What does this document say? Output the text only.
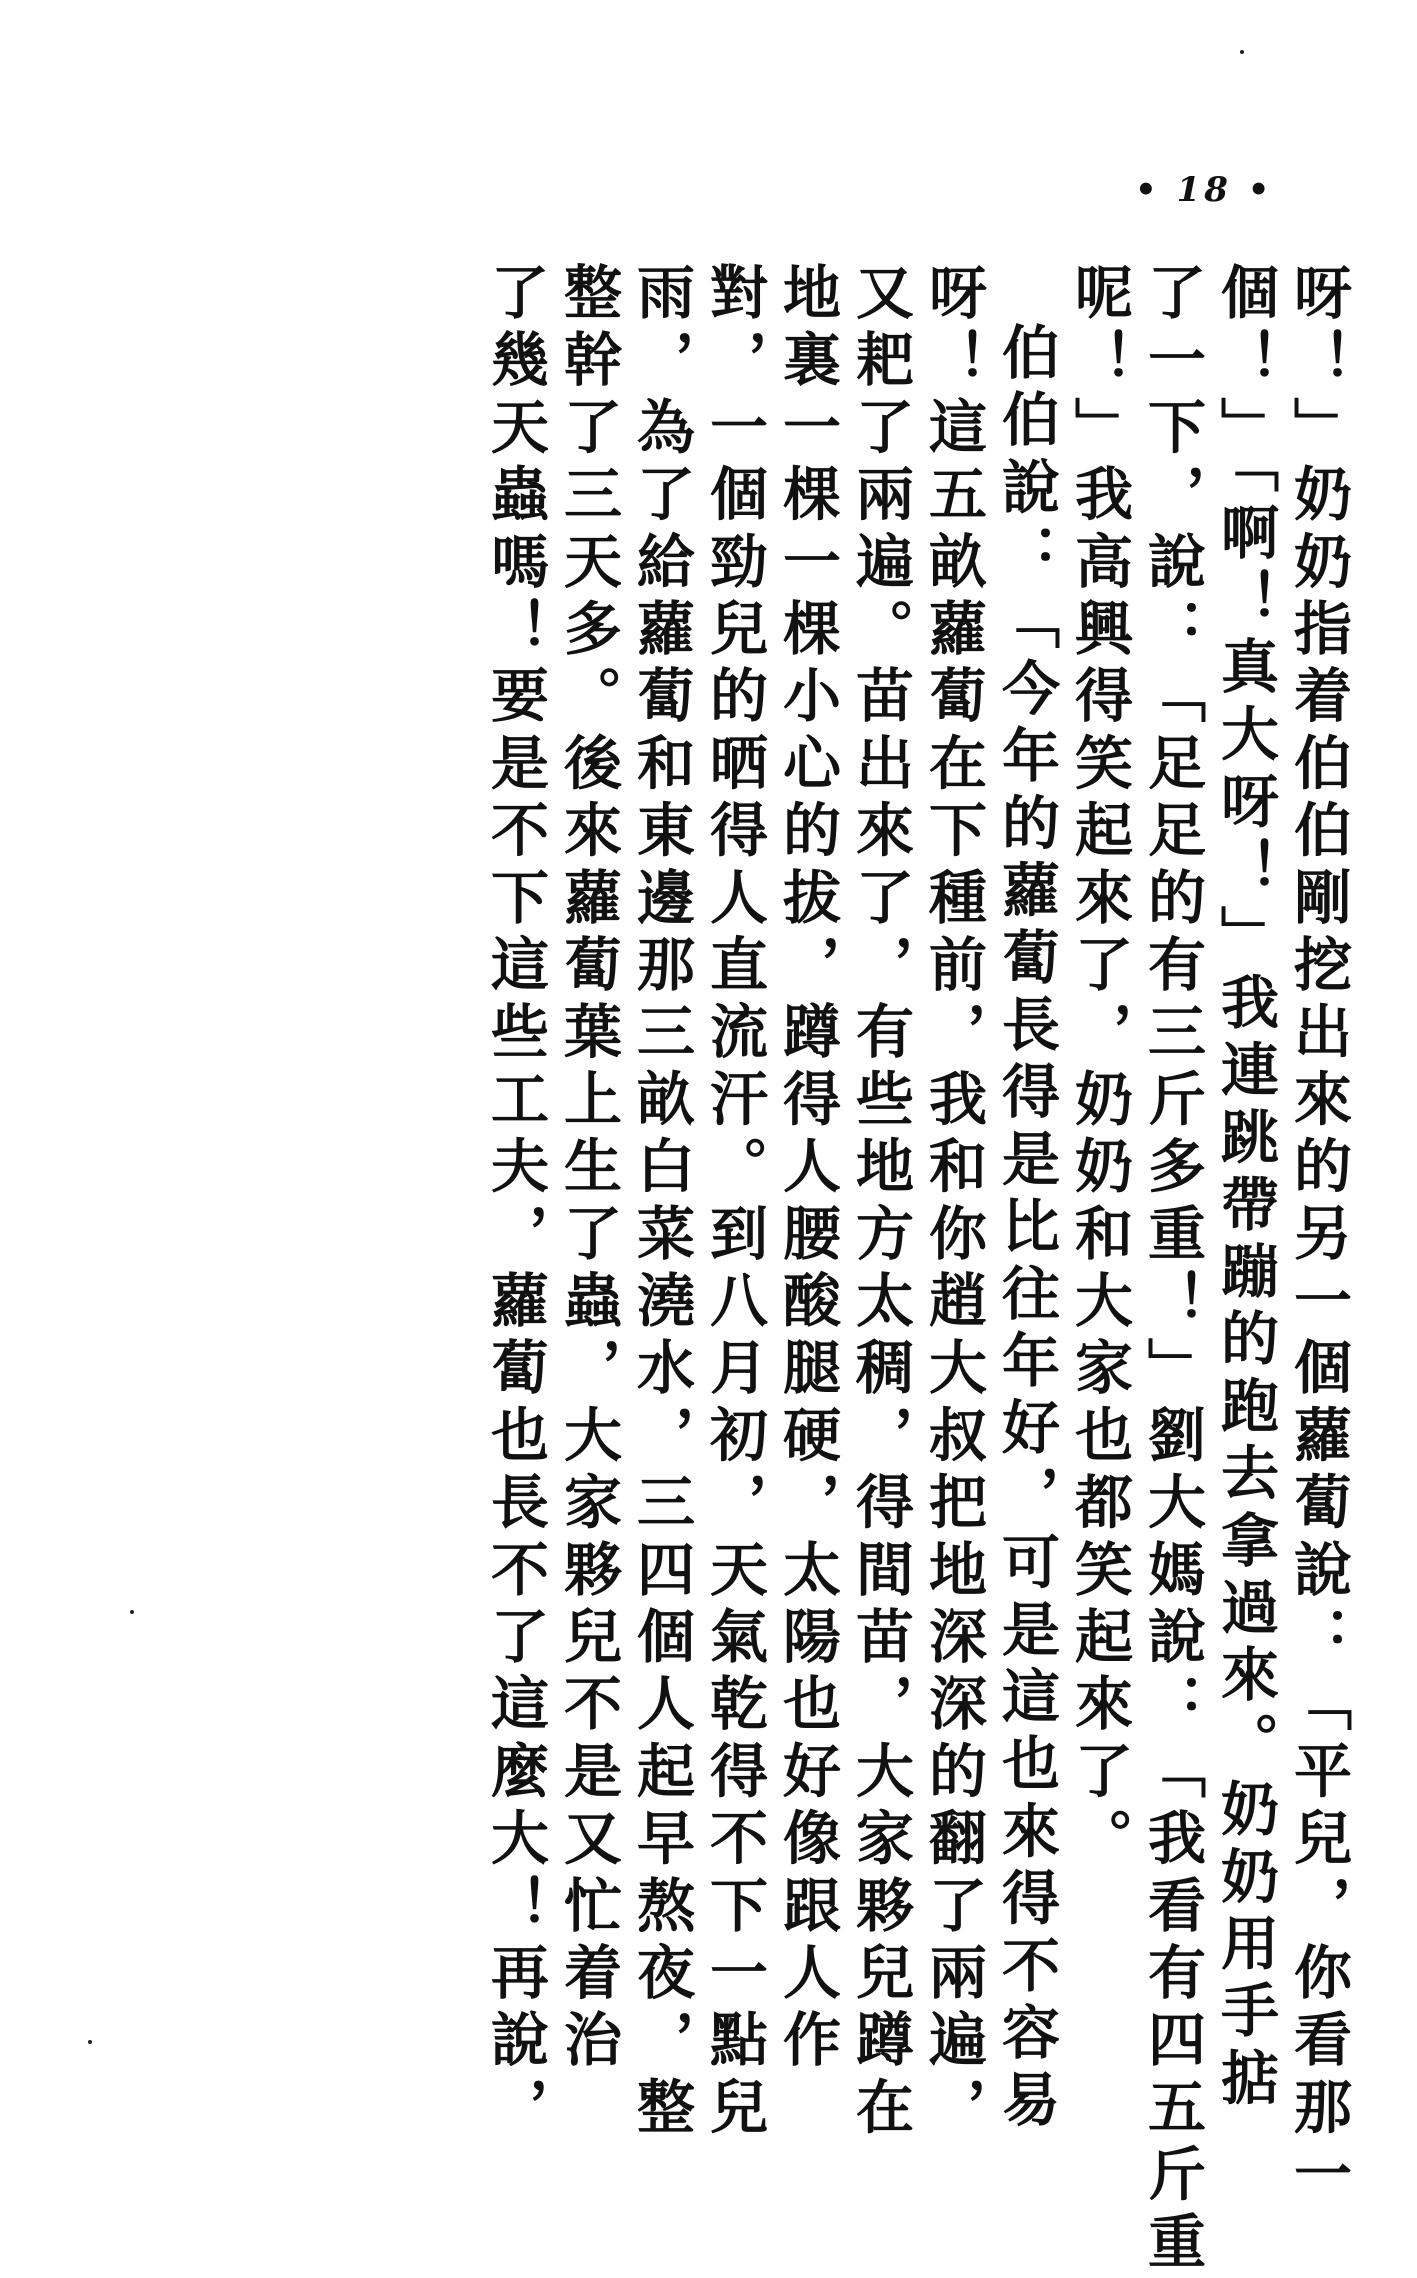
• 18 •
呀！」奶奶指着伯伯剛挖出來的另一個蘿蔔說：「平兒，你看那一
個！」「啊！真大呀！」我連跳帶蹦的跑去拿過來。奶奶用手掂
了一下，說：「足足的有三斤多重！」劉大媽說：「我看有四五斤重
呢！」我高興得笑起來了，奶奶和大家也都笑起來了。
伯伯說：「今年的蘿蔔長得是比往年好，可是這也來得不容易
呀！這五畝蘿蔔在下種前，我和你趙大叔把地深深的翻了兩遍，
又耙了兩遍。苗出來了，有些地方太稠，得間苗，大家夥兒蹲在
地裏一棵一棵小心的拔，蹲得人腰酸腿硬，太陽也好像跟人作
對，一個勁兒的晒得人直流汗。到八月初，天氣乾得不下一點兒
雨，為了給蘿蔔和東邊那三畝白菜澆水，三四個人起早熬夜，整
整幹了三天多。後來蘿蔔葉上生了蟲，大家夥兒不是又忙着治
了幾天蟲嗎！要是不下這些工夫，蘿蔔也長不了這麼大！再說，
